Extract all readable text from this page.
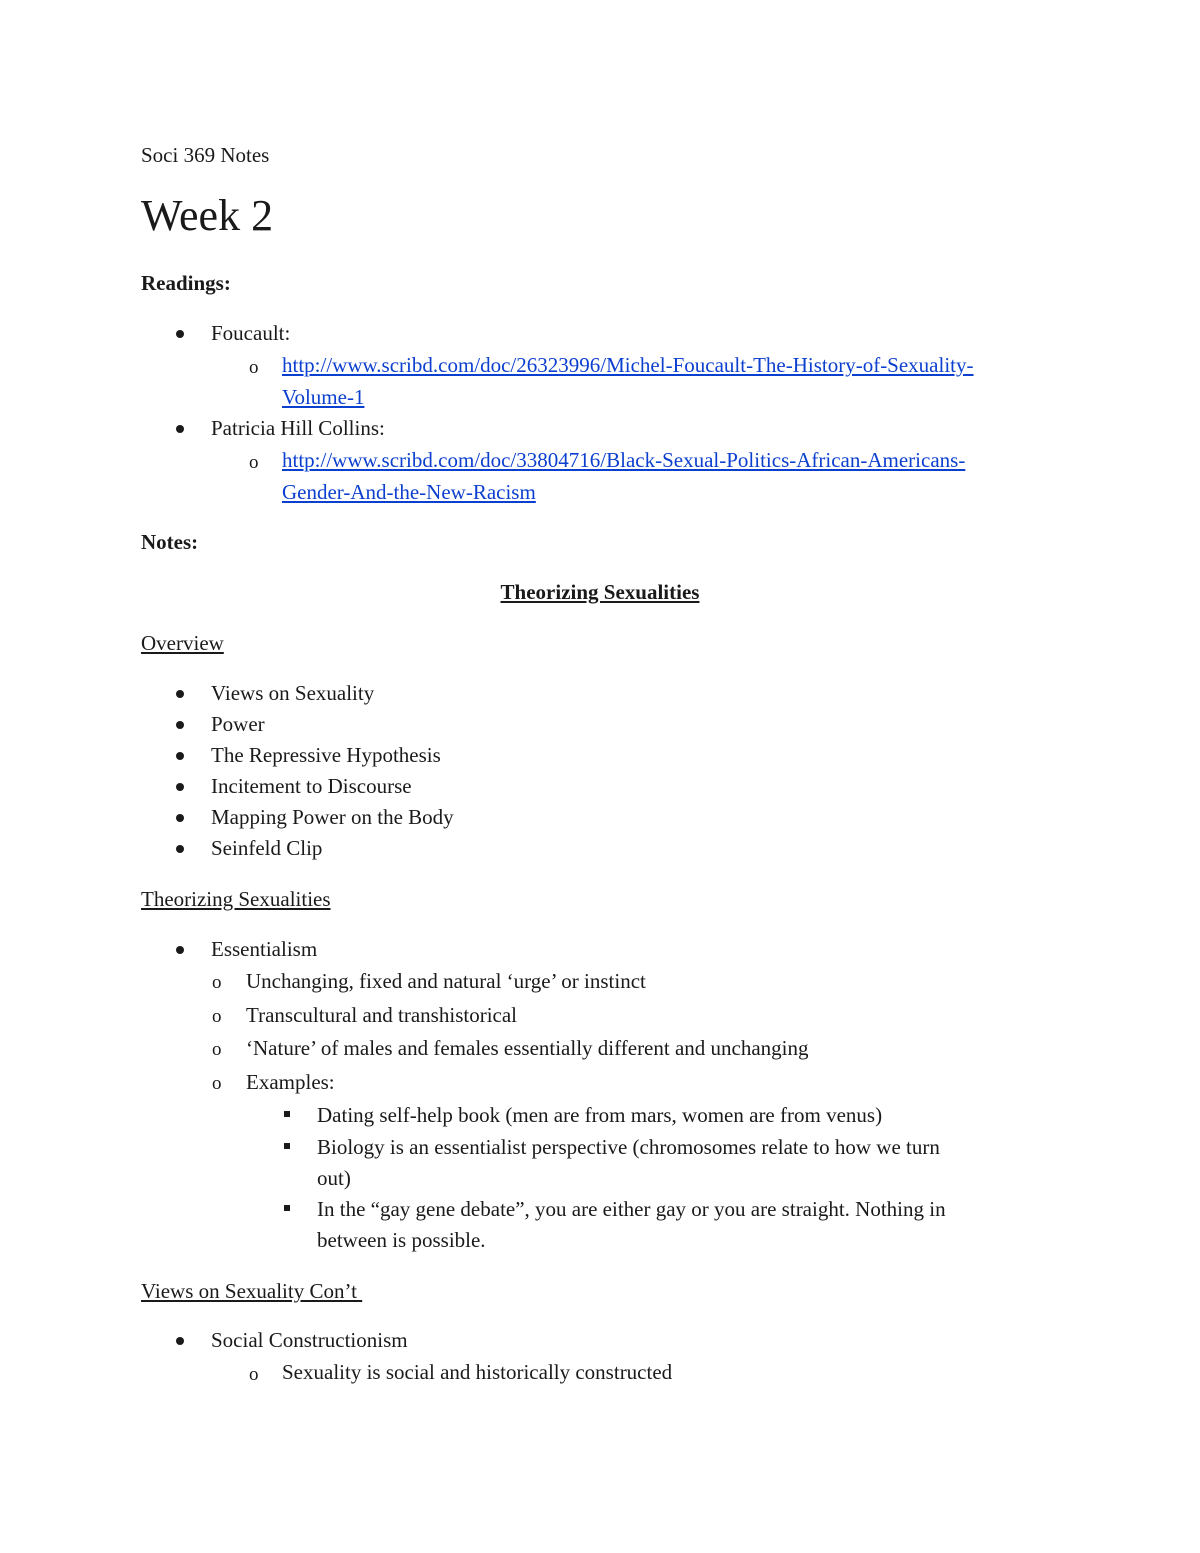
Soci 369 Notes
Week 2
Readings:
Foucault:
o http://www.scribd.com/doc/26323996/Michel-Foucault-The-History-of-Sexuality-
Volume-1
Patricia Hill Collins:
o http://www.scribd.com/doc/33804716/Black-Sexual-Politics-African-Americans-
Gender-And-the-New-Racism
Notes:
Theorizing Sexualities
Overview
Views on Sexuality
Power
The Repressive Hypothesis
Incitement to Discourse
Mapping Power on the Body
Seinfeld Clip
Theorizing Sexualities
Essentialism
o Unchanging, fixed and natural ‘urge’ or instinct
o Transcultural and transhistorical
o ‘Nature’ of males and females essentially different and unchanging
o Examples:
Dating self-help book (men are from mars, women are from venus)
Biology is an essentialist perspective (chromosomes relate to how we turn
out)
In the “gay gene debate”, you are either gay or you are straight. Nothing in
between is possible.
Views on Sexuality Con’t
Social Constructionism
o Sexuality is social and historically constructed
